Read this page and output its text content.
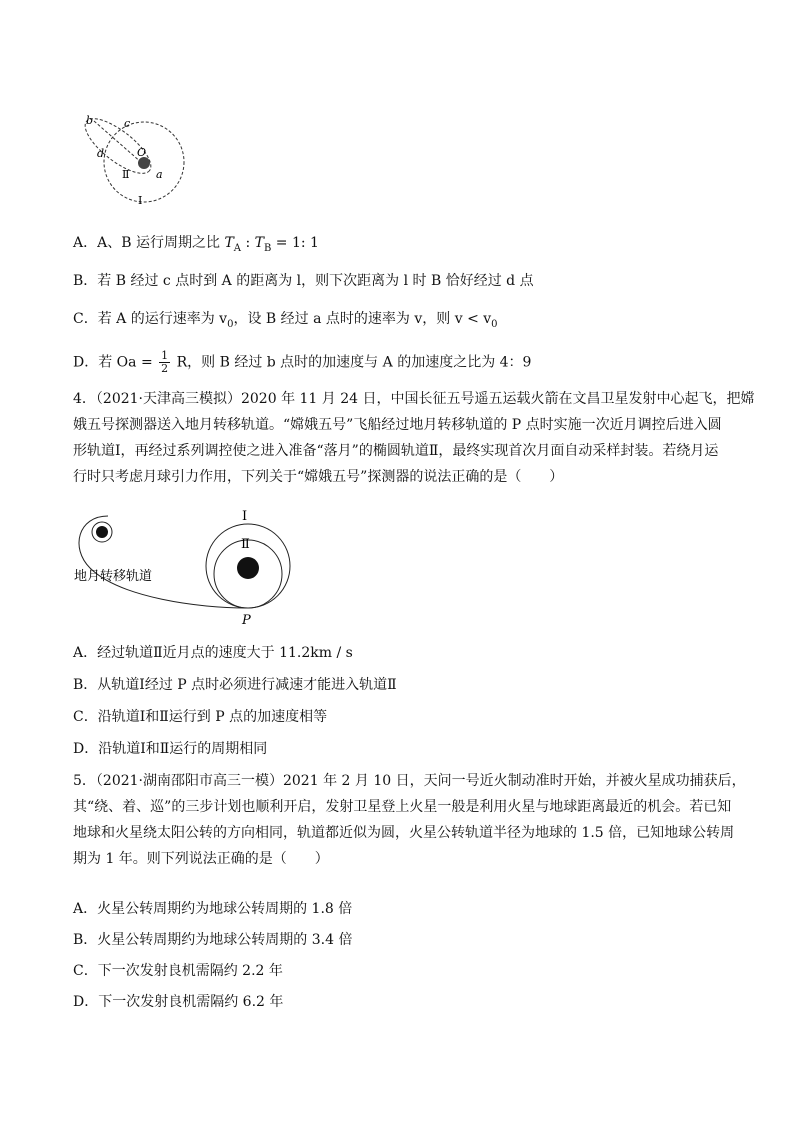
b	c
d	O
Ⅱ a
Ⅰ
A．A、B 运行周期之比 $T_A$ : $T_B = 1$: 1
B．若 B 经过 c 点时到 A 的距离为 l，则下次距离为 l 时 B 恰好经过 d 点
C．若 A 的运行速率为 $v_0$，设 B 经过 a 点时的速率为 v，则 $v < v_0$
D．若 $Oa = \frac{1}{2}$ R，则 B 经过 b 点时的加速度与 A 的加速度之比为 4：9
4．（2021·天津高三模拟）2020 年 11 月 24 日，中国长征五号遥五运载火箭在文昌卫星发射中心起飞，把嫦
娥五号探测器送入地月转移轨道。“嫦娥五号”飞船经过地月转移轨道的 P 点时实施一次近月调控后进入圆
形轨道Ⅰ，再经过系列调控使之进入准备“落月”的椭圆轨道Ⅱ，最终实现首次月面自动采样封装。若绕月运
行时只考虑月球引力作用，下列关于“嫦娥五号”探测器的说法正确的是（　　）
Ⅰ
Ⅱ
P
地月转移轨道
A．经过轨道Ⅱ近月点的速度大于 11.2km / s
B．从轨道Ⅰ经过 P 点时必须进行减速才能进入轨道Ⅱ
C．沿轨道Ⅰ和Ⅱ运行到 P 点的加速度相等
D．沿轨道Ⅰ和Ⅱ运行的周期相同
5．（2021·湖南邵阳市高三一模）2021 年 2 月 10 日，天问一号近火制动准时开始，并被火星成功捕获后，
其“绕、着、巡”的三步计划也顺利开启，发射卫星登上火星一般是利用火星与地球距离最近的机会。若已知
地球和火星绕太阳公转的方向相同，轨道都近似为圆，火星公转轨道半径为地球的 1.5 倍，已知地球公转周
期为 1 年。则下列说法正确的是（　　）
A．火星公转周期约为地球公转周期的 1.8 倍
B．火星公转周期约为地球公转周期的 3.4 倍
C．下一次发射良机需隔约 2.2 年
D．下一次发射良机需隔约 6.2 年
